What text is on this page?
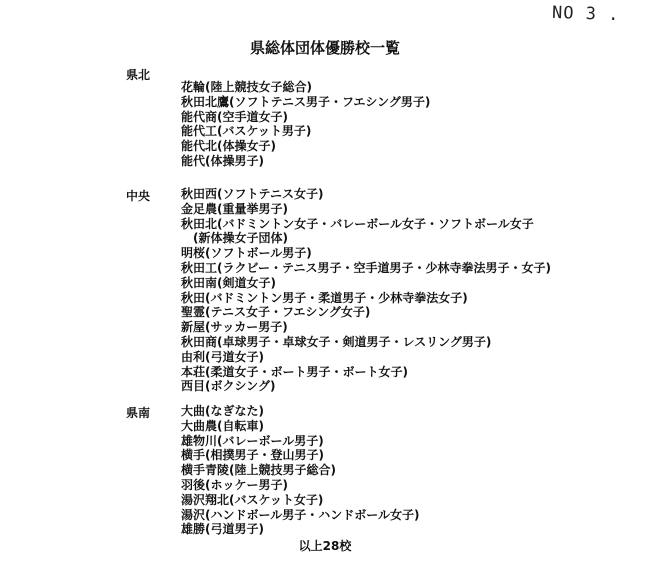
NO 3 .
県総体団体優勝校一覧
県北
花輪(陸上競技女子総合)
秋田北鷹(ソフトテニス男子・フエシング男子)
能代商(空手道女子)
能代工(バスケット男子)
能代北(体操女子)
能代(体操男子)
中央	秋田西(ソフトテニス女子)
金足農(重量挙男子)
秋田北(バドミントン女子・バレーボール女子・ソフトボール女子
(新体操女子団体)
明桜(ソフトボール男子)
秋田工(ラクビー・テニス男子・空手道男子・少林寺拳法男子・女子)
秋田南(剣道女子)
秋田(バドミントン男子・柔道男子・少林寺拳法女子)
聖霊(テニス女子・フエシング女子)
新屋(サッカー男子)
秋田商(卓球男子・卓球女子・剣道男子・レスリング男子)
由利(弓道女子)
本荘(柔道女子・ボート男子・ボート女子)
西目(ボクシング)
県南	大曲(なぎなた)
大曲農(自転車)
雄物川(バレーボール男子)
横手(相撲男子・登山男子)
横手青陵(陸上競技男子総合)
羽後(ホッケー男子)
湯沢翔北(バスケット女子)
湯沢(ハンドボール男子・ハンドボール女子)
雄勝(弓道男子)
以上28校
